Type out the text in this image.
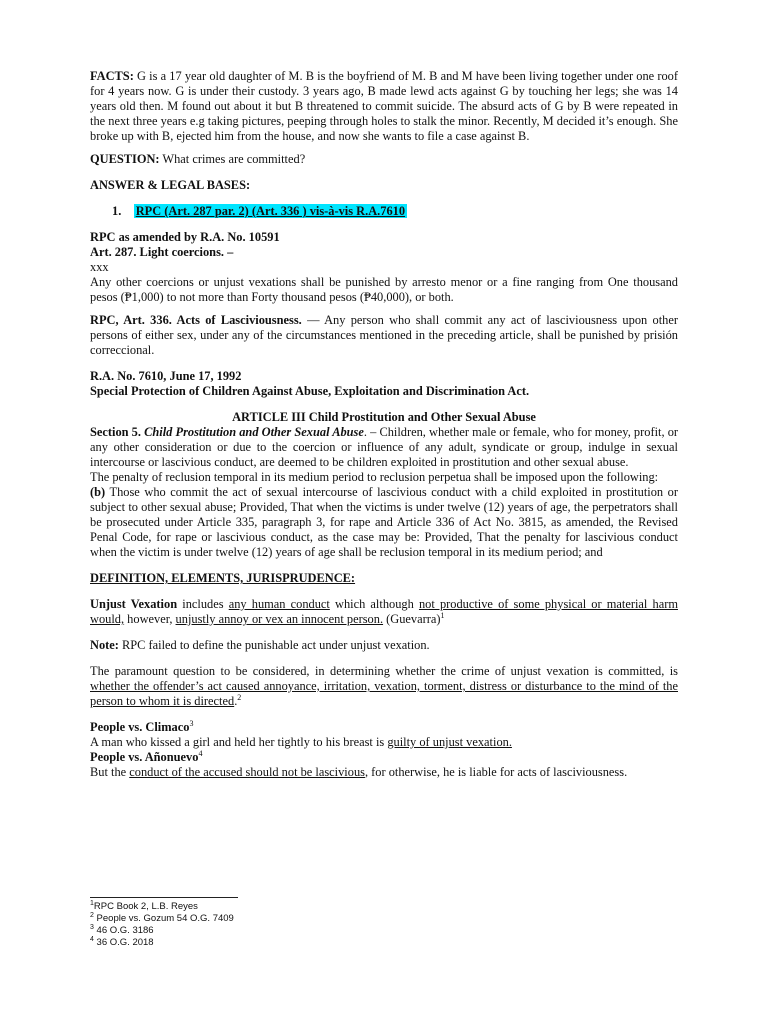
FACTS: G is a 17 year old daughter of M. B is the boyfriend of M. B and M have been living together under one roof for 4 years now. G is under their custody. 3 years ago, B made lewd acts against G by touching her legs; she was 14 years old then. M found out about it but B threatened to commit suicide. The absurd acts of G by B were repeated in the next three years e.g taking pictures, peeping through holes to stalk the minor. Recently, M decided it’s enough. She broke up with B, ejected him from the house, and now she wants to file a case against B.

QUESTION: What crimes are committed?

ANSWER & LEGAL BASES:

1. RPC (Art. 287 par. 2) (Art. 336 ) vis-à-vis R.A.7610

RPC as amended by R.A. No. 10591

Art. 287. Light coercions. –

xxx

Any other coercions or unjust vexations shall be punished by arresto menor or a fine ranging from One thousand pesos (₱1,000) to not more than Forty thousand pesos (₱40,000), or both.

RPC, Art. 336. Acts of Lasciviousness. — Any person who shall commit any act of lasciviousness upon other persons of either sex, under any of the circumstances mentioned in the preceding article, shall be punished by prisión correccional.

R.A. No. 7610, June 17, 1992

Special Protection of Children Against Abuse, Exploitation and Discrimination Act.

ARTICLE III Child Prostitution and Other Sexual Abuse

Section 5. Child Prostitution and Other Sexual Abuse. – Children, whether male or female, who for money, profit, or any other consideration or due to the coercion or influence of any adult, syndicate or group, indulge in sexual intercourse or lascivious conduct, are deemed to be children exploited in prostitution and other sexual abuse.

The penalty of reclusion temporal in its medium period to reclusion perpetua shall be imposed upon the following:

(b) Those who commit the act of sexual intercourse of lascivious conduct with a child exploited in prostitution or subject to other sexual abuse; Provided, That when the victims is under twelve (12) years of age, the perpetrators shall be prosecuted under Article 335, paragraph 3, for rape and Article 336 of Act No. 3815, as amended, the Revised Penal Code, for rape or lascivious conduct, as the case may be: Provided, That the penalty for lascivious conduct when the victim is under twelve (12) years of age shall be reclusion temporal in its medium period; and

DEFINITION, ELEMENTS, JURISPRUDENCE:

Unjust Vexation includes any human conduct which although not productive of some physical or material harm would, however, unjustly annoy or vex an innocent person. (Guevarra)$^1$

Note: RPC failed to define the punishable act under unjust vexation.

The paramount question to be considered, in determining whether the crime of unjust vexation is committed, is whether the offender’s act caused annoyance, irritation, vexation, torment, distress or disturbance to the mind of the person to whom it is directed.$^2$

People vs. Climaco$^3$

A man who kissed a girl and held her tightly to his breast is guilty of unjust vexation.

People vs. Añonuevo$^4$

But the conduct of the accused should not be lascivious, for otherwise, he is liable for acts of lasciviousness.

$^1$RPC Book 2, L.B. Reyes
$^2$ People vs. Gozum 54 O.G. 7409
$^3$ 46 O.G. 3186
$^4$ 36 O.G. 2018
